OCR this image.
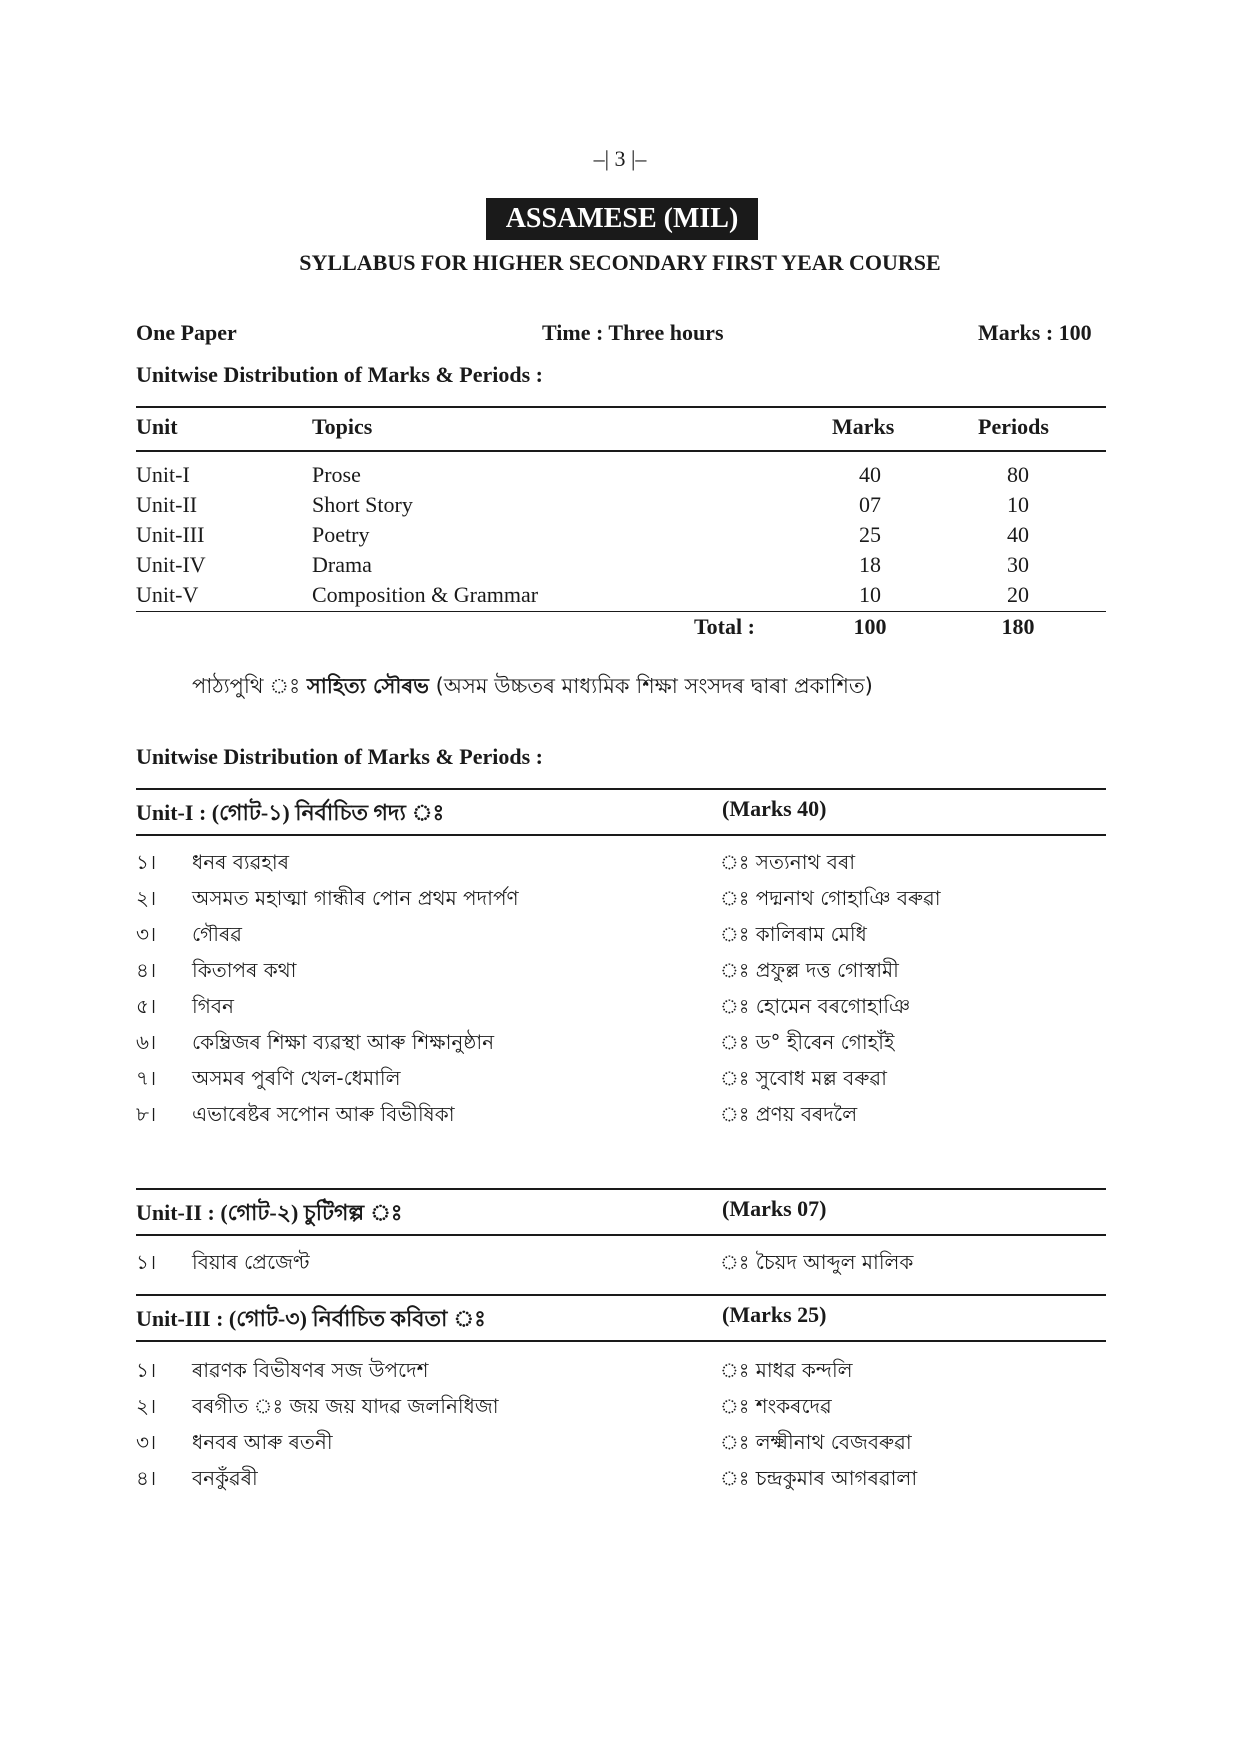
–| 3 |–
ASSAMESE (MIL)
SYLLABUS FOR HIGHER SECONDARY FIRST YEAR COURSE
One Paper	Time : Three hours	Marks : 100
Unitwise Distribution of Marks & Periods :
Unit	Topics	Marks	Periods
Unit-I	Prose	40	80
Unit-II	Short Story	07	10
Unit-III	Poetry	25	40
Unit-IV	Drama	18	30
Unit-V	Composition & Grammar	10	20
Total :	100	180
পাঠ্যপুথি ঃ সাহিত্য সৌৰভ (অসম উচ্চতৰ মাধ্যমিক শিক্ষা সংসদৰ দ্বাৰা প্ৰকাশিত)
Unitwise Distribution of Marks & Periods :
Unit-I : (গোট-১) নিৰ্বাচিত গদ্য ঃ	(Marks 40)
১। ধনৰ ব্যৱহাৰ	ঃ সত্যনাথ বৰা
২। অসমত মহাত্মা গান্ধীৰ পোন প্ৰথম পদাৰ্পণ	ঃ পদ্মনাথ গোহাঞি বৰুৱা
৩। গৌৰৱ	ঃ কালিৰাম মেধি
৪। কিতাপৰ কথা	ঃ প্ৰফুল্ল দত্ত গোস্বামী
৫। গিবন	ঃ হোমেন বৰগোহাঞি
৬। কেম্ব্ৰিজৰ শিক্ষা ব্যৱস্থা আৰু শিক্ষানুষ্ঠান	ঃ ড° হীৰেন গোহাঁই
৭। অসমৰ পুৰণি খেল-ধেমালি	ঃ সুবোধ মল্ল বৰুৱা
৮। এভাৰেষ্টৰ সপোন আৰু বিভীষিকা	ঃ প্ৰণয় বৰদলৈ
Unit-II : (গোট-২) চুটিগল্প ঃ	(Marks 07)
১। বিয়াৰ প্ৰেজেণ্ট	ঃ চৈয়দ আব্দুল মালিক
Unit-III : (গোট-৩) নিৰ্বাচিত কবিতা ঃ	(Marks 25)
১। ৰাৱণক বিভীষণৰ সজ উপদেশ	ঃ মাধৱ কন্দলি
২। বৰগীত ঃ জয় জয় যাদৱ জলনিধিজা	ঃ শংকৰদেৱ
৩। ধনবৰ আৰু ৰতনী	ঃ লক্ষ্মীনাথ বেজবৰুৱা
৪। বনকুঁৱৰী	ঃ চন্দ্ৰকুমাৰ আগৰৱালা
